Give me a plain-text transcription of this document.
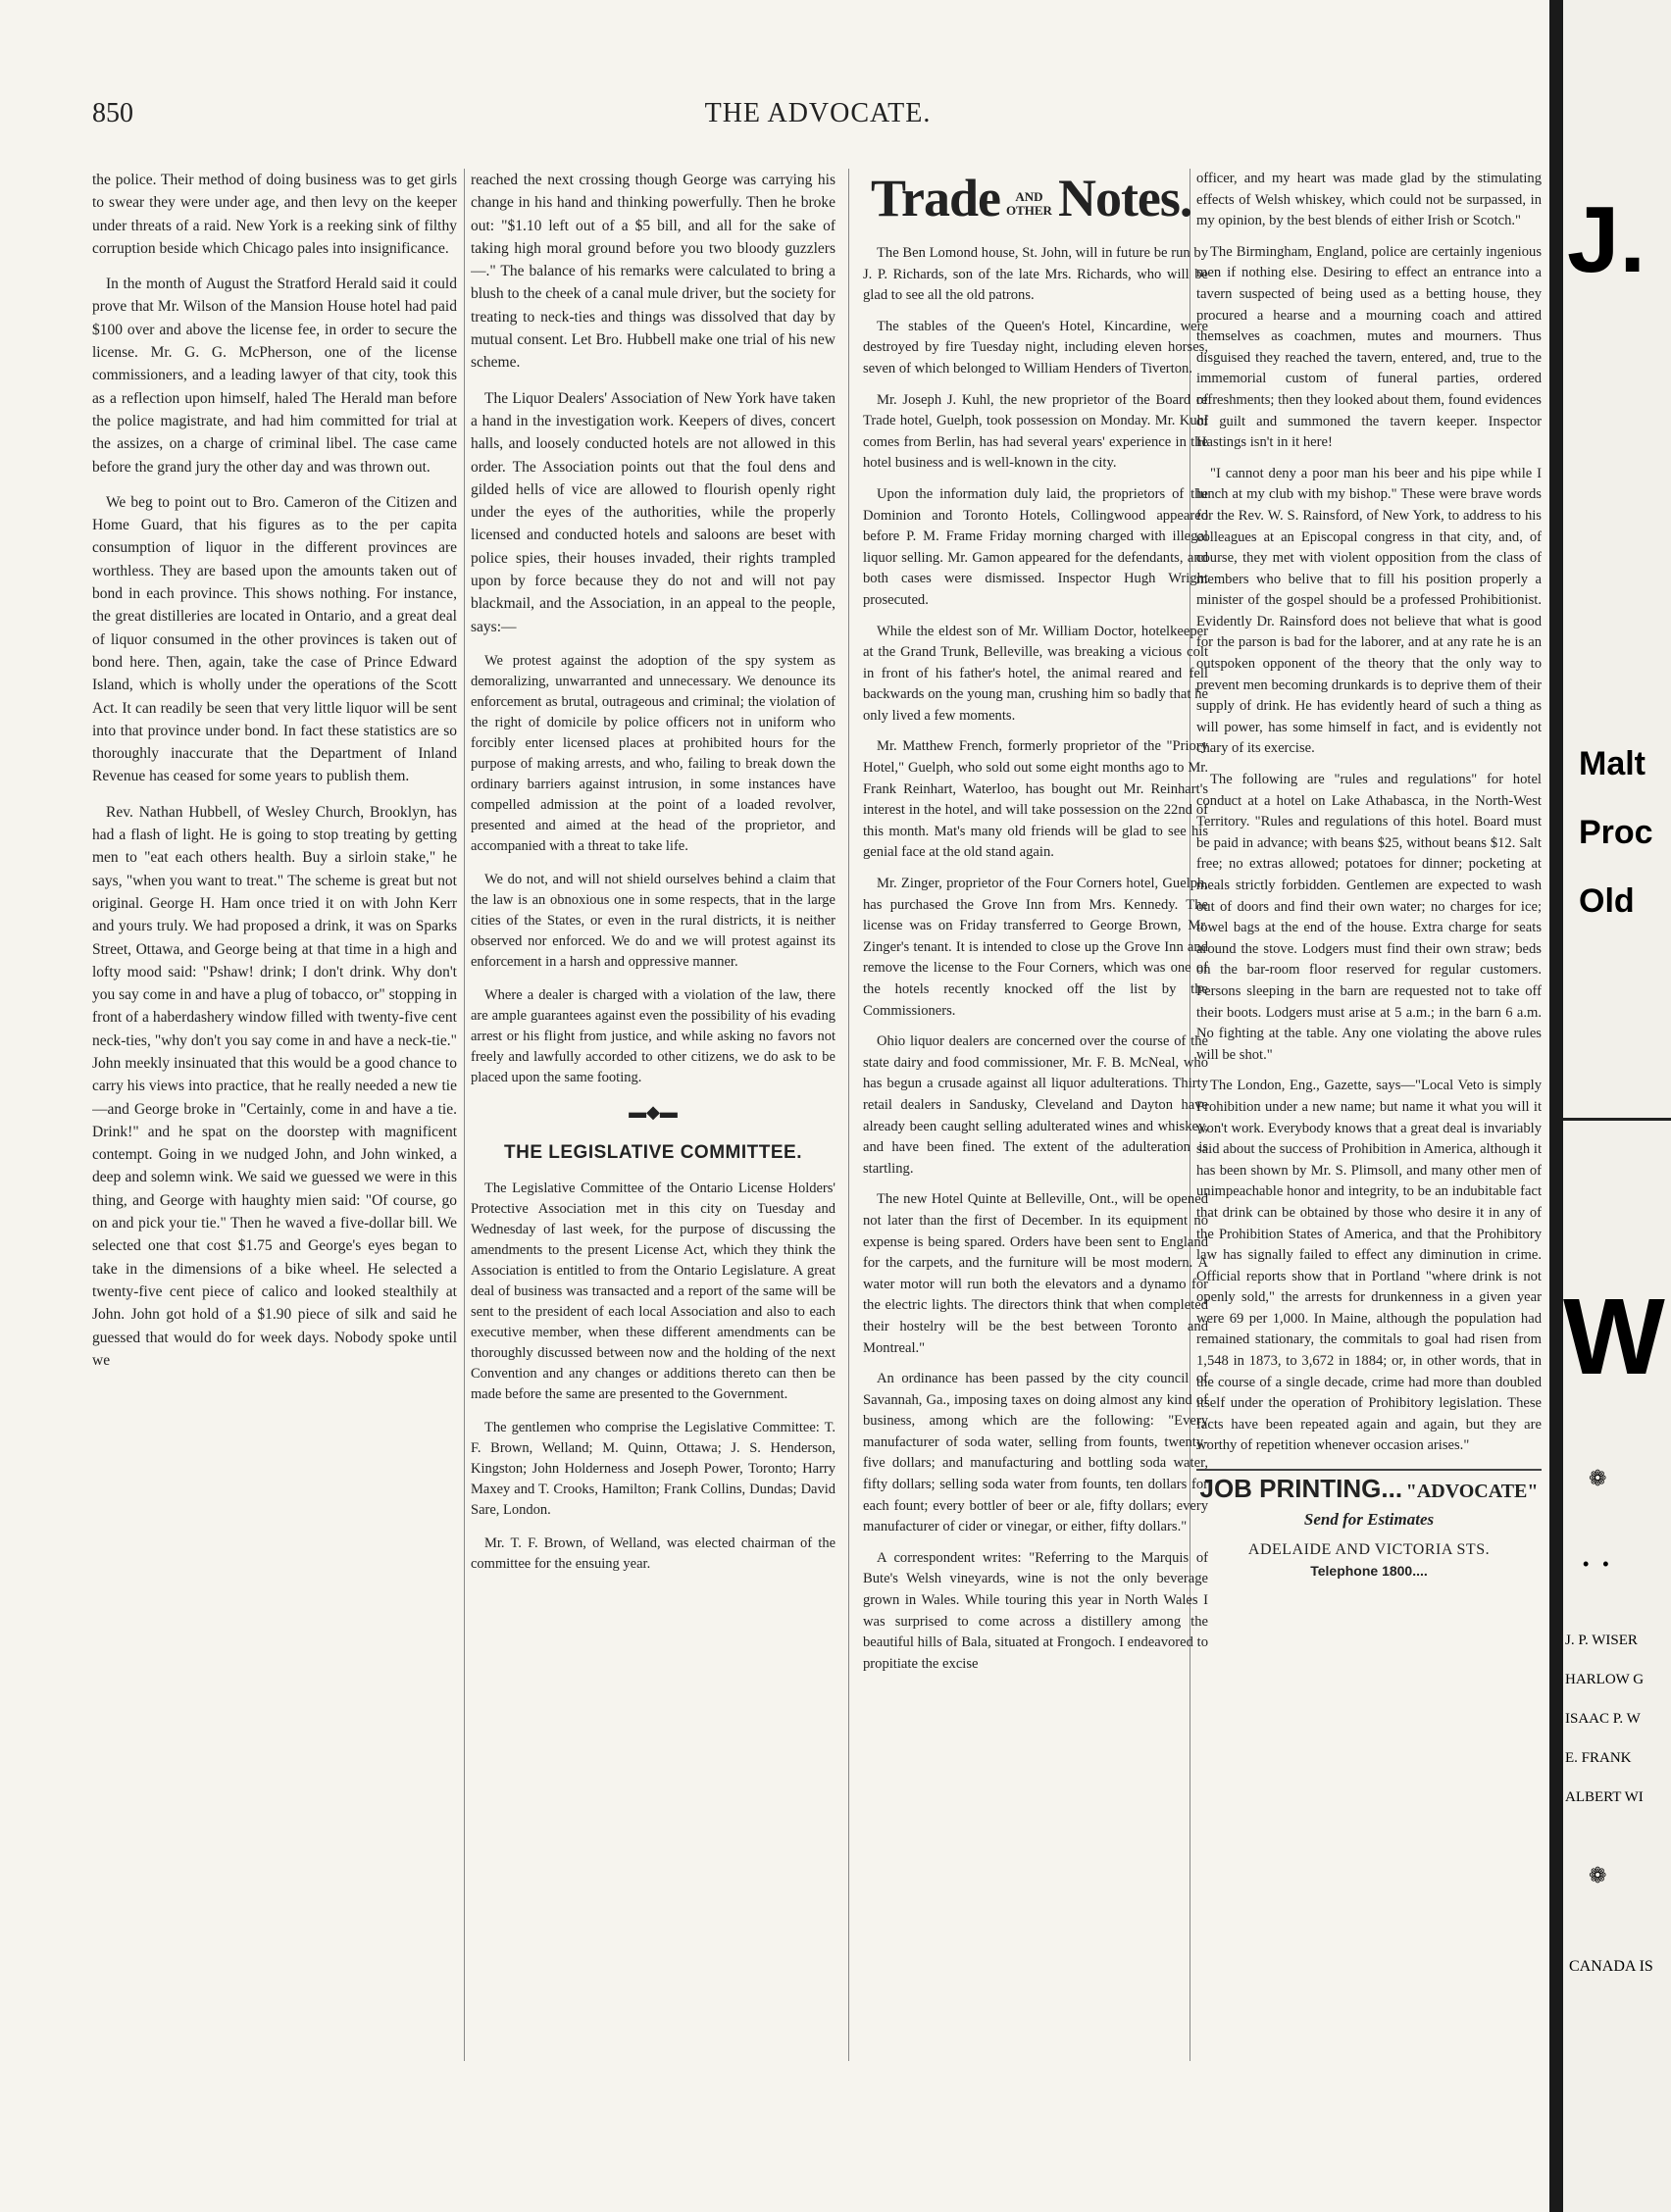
850	THE ADVOCATE.

the police. Their method of doing business was to get girls to swear they were under age, and then levy on the keeper under threats of a raid. New York is a reeking sink of filthy corruption beside which Chicago pales into insignificance.

In the month of August the Stratford Herald said it could prove that Mr. Wilson of the Mansion House hotel had paid $100 over and above the license fee, in order to secure the license. Mr. G. G. McPherson, one of the license commissioners, and a leading lawyer of that city, took this as a reflection upon himself, haled The Herald man before the police magistrate, and had him committed for trial at the assizes, on a charge of criminal libel. The case came before the grand jury the other day and was thrown out.

We beg to point out to Bro. Cameron of the Citizen and Home Guard, that his figures as to the per capita consumption of liquor in the different provinces are worthless. They are based upon the amounts taken out of bond in each province. This shows nothing. For instance, the great distilleries are located in Ontario, and a great deal of liquor consumed in the other provinces is taken out of bond here. Then, again, take the case of Prince Edward Island, which is wholly under the operations of the Scott Act. It can readily be seen that very little liquor will be sent into that province under bond. In fact these statistics are so thoroughly inaccurate that the Department of Inland Revenue has ceased for some years to publish them.

Rev. Nathan Hubbell, of Wesley Church, Brooklyn, has had a flash of light. He is going to stop treating by getting men to "eat each others health. Buy a sirloin stake," he says, "when you want to treat." The scheme is great but not original. George H. Ham once tried it on with John Kerr and yours truly. We had proposed a drink, it was on Sparks Street, Ottawa, and George being at that time in a high and lofty mood said: "Pshaw! drink; I don't drink. Why don't you say come in and have a plug of tobacco, or" stopping in front of a haberdashery window filled with twenty-five cent neck-ties, "why don't you say come in and have a neck-tie." John meekly insinuated that this would be a good chance to carry his views into practice, that he really needed a new tie—and George broke in "Certainly, come in and have a tie. Drink!" and he spat on the doorstep with magnificent contempt. Going in we nudged John, and John winked, a deep and solemn wink. We said we guessed we were in this thing, and George with haughty mien said: "Of course, go on and pick your tie." Then he waved a five-dollar bill. We selected one that cost $1.75 and George's eyes began to take in the dimensions of a bike wheel. He selected a twenty-five cent piece of calico and looked stealthily at John. John got hold of a $1.90 piece of silk and said he guessed that would do for week days. Nobody spoke until we

reached the next crossing though George was carrying his change in his hand and thinking powerfully. Then he broke out: "$1.10 left out of a $5 bill, and all for the sake of taking high moral ground before you two bloody guzzlers —." The balance of his remarks were calculated to bring a blush to the cheek of a canal mule driver, but the society for treating to neck-ties and things was dissolved that day by mutual consent. Let Bro. Hubbell make one trial of his new scheme.

The Liquor Dealers' Association of New York have taken a hand in the investigation work. Keepers of dives, concert halls, and loosely conducted hotels are not allowed in this order. The Association points out that the foul dens and gilded hells of vice are allowed to flourish openly right under the eyes of the authorities, while the properly licensed and conducted hotels and saloons are beset with police spies, their houses invaded, their rights trampled upon by force because they do not and will not pay blackmail, and the Association, in an appeal to the people, says:—

We protest against the adoption of the spy system as demoralizing, unwarranted and unnecessary. We denounce its enforcement as brutal, outrageous and criminal; the violation of the right of domicile by police officers not in uniform who forcibly enter licensed places at prohibited hours for the purpose of making arrests, and who, failing to break down the ordinary barriers against intrusion, in some instances have compelled admission at the point of a loaded revolver, presented and aimed at the head of the proprietor, and accompanied with a threat to take life.

We do not, and will not shield ourselves behind a claim that the law is an obnoxious one in some respects, that in the large cities of the States, or even in the rural districts, it is neither observed nor enforced. We do and we will protest against its enforcement in a harsh and oppressive manner.

Where a dealer is charged with a violation of the law, there are ample guarantees against even the possibility of his evading arrest or his flight from justice, and while asking no favors not freely and lawfully accorded to other citizens, we do ask to be placed upon the same footing.

▬◆▬
THE LEGISLATIVE COMMITTEE.

The Legislative Committee of the Ontario License Holders' Protective Association met in this city on Tuesday and Wednesday of last week, for the purpose of discussing the amendments to the present License Act, which they think the Association is entitled to from the Ontario Legislature. A great deal of business was transacted and a report of the same will be sent to the president of each local Association and also to each executive member, when these different amendments can be thoroughly discussed between now and the holding of the next Convention and any changes or additions thereto can then be made before the same are presented to the Government.

The gentlemen who comprise the Legislative Committee: T. F. Brown, Welland; M. Quinn, Ottawa; J. S. Henderson, Kingston; John Holderness and Joseph Power, Toronto; Harry Maxey and T. Crooks, Hamilton; Frank Collins, Dundas; David Sare, London.

Mr. T. F. Brown, of Welland, was elected chairman of the committee for the ensuing year.

Trade AND
OTHER Notes.

The Ben Lomond house, St. John, will in future be run by J. P. Richards, son of the late Mrs. Richards, who will be glad to see all the old patrons.

The stables of the Queen's Hotel, Kincardine, were destroyed by fire Tuesday night, including eleven horses, seven of which belonged to William Henders of Tiverton.

Mr. Joseph J. Kuhl, the new proprietor of the Board of Trade hotel, Guelph, took possession on Monday. Mr. Kuhl comes from Berlin, has had several years' experience in the hotel business and is well-known in the city.

Upon the information duly laid, the proprietors of the Dominion and Toronto Hotels, Collingwood appeared before P. M. Frame Friday morning charged with illegal liquor selling. Mr. Gamon appeared for the defendants, and both cases were dismissed. Inspector Hugh Wright prosecuted.

While the eldest son of Mr. William Doctor, hotelkeeper at the Grand Trunk, Belleville, was breaking a vicious colt in front of his father's hotel, the animal reared and fell backwards on the young man, crushing him so badly that he only lived a few moments.

Mr. Matthew French, formerly proprietor of the "Priory Hotel," Guelph, who sold out some eight months ago to Mr. Frank Reinhart, Waterloo, has bought out Mr. Reinhart's interest in the hotel, and will take possession on the 22nd of this month. Mat's many old friends will be glad to see his genial face at the old stand again.

Mr. Zinger, proprietor of the Four Corners hotel, Guelph, has purchased the Grove Inn from Mrs. Kennedy. The license was on Friday transferred to George Brown, Mr. Zinger's tenant. It is intended to close up the Grove Inn and remove the license to the Four Corners, which was one of the hotels recently knocked off the list by the Commissioners.

Ohio liquor dealers are concerned over the course of the state dairy and food commissioner, Mr. F. B. McNeal, who has begun a crusade against all liquor adulterations. Thirty retail dealers in Sandusky, Cleveland and Dayton have already been caught selling adulterated wines and whiskey, and have been fined. The extent of the adulteration is startling.

The new Hotel Quinte at Belleville, Ont., will be opened not later than the first of December. In its equipment no expense is being spared. Orders have been sent to England for the carpets, and the furniture will be most modern. A water motor will run both the elevators and a dynamo for the electric lights. The directors think that when completed their hostelry will be the best between Toronto and Montreal."

An ordinance has been passed by the city council of Savannah, Ga., imposing taxes on doing almost any kind of business, among which are the following: "Every manufacturer of soda water, selling from founts, twenty-five dollars; and manufacturing and bottling soda water, fifty dollars; selling soda water from founts, ten dollars for each fount; every bottler of beer or ale, fifty dollars; every manufacturer of cider or vinegar, or either, fifty dollars."

A correspondent writes: "Referring to the Marquis of Bute's Welsh vineyards, wine is not the only beverage grown in Wales. While touring this year in North Wales I was surprised to come across a distillery among the beautiful hills of Bala, situated at Frongoch. I endeavored to propitiate the excise

officer, and my heart was made glad by the stimulating effects of Welsh whiskey, which could not be surpassed, in my opinion, by the best blends of either Irish or Scotch."

The Birmingham, England, police are certainly ingenious men if nothing else. Desiring to effect an entrance into a tavern suspected of being used as a betting house, they procured a hearse and a mourning coach and attired themselves as coachmen, mutes and mourners. Thus disguised they reached the tavern, entered, and, true to the immemorial custom of funeral parties, ordered refreshments; then they looked about them, found evidences of guilt and summoned the tavern keeper. Inspector Hastings isn't in it here!

"I cannot deny a poor man his beer and his pipe while I lunch at my club with my bishop." These were brave words for the Rev. W. S. Rainsford, of New York, to address to his colleagues at an Episcopal congress in that city, and, of course, they met with violent opposition from the class of members who belive that to fill his position properly a minister of the gospel should be a professed Prohibitionist. Evidently Dr. Rainsford does not believe that what is good for the parson is bad for the laborer, and at any rate he is an outspoken opponent of the theory that the only way to prevent men becoming drunkards is to deprive them of their supply of drink. He has evidently heard of such a thing as will power, has some himself in fact, and is evidently not chary of its exercise.

The following are "rules and regulations" for hotel conduct at a hotel on Lake Athabasca, in the North-West Territory. "Rules and regulations of this hotel. Board must be paid in advance; with beans $25, without beans $12. Salt free; no extras allowed; potatoes for dinner; pocketing at meals strictly forbidden. Gentlemen are expected to wash out of doors and find their own water; no charges for ice; towel bags at the end of the house. Extra charge for seats around the stove. Lodgers must find their own straw; beds on the bar-room floor reserved for regular customers. Persons sleeping in the barn are requested not to take off their boots. Lodgers must arise at 5 a.m.; in the barn 6 a.m. No fighting at the table. Any one violating the above rules will be shot."

The London, Eng., Gazette, says—"Local Veto is simply Prohibition under a new name; but name it what you will it won't work. Everybody knows that a great deal is invariably said about the success of Prohibition in America, although it has been shown by Mr. S. Plimsoll, and many other men of unimpeachable honor and integrity, to be an indubitable fact that drink can be obtained by those who desire it in any of the Prohibition States of America, and that the Prohibitory law has signally failed to effect any diminution in crime. Official reports show that in Portland "where drink is not openly sold," the arrests for drunkenness in a given year were 69 per 1,000. In Maine, although the population had remained stationary, the commitals to goal had risen from 1,548 in 1873, to 3,672 in 1884; or, in other words, that in the course of a single decade, crime had more than doubled itself under the operation of Prohibitory legislation. These facts have been repeated again and again, but they are worthy of repetition whenever occasion arises."

JOB PRINTING... "ADVOCATE"
Send for Estimates
ADELAIDE AND VICTORIA STS.
Telephone 1800....
J.
Malt
Proc
Old
W
❁
••
J. P. WISER
HARLOW G
ISAAC P. W
E. FRANK
ALBERT WI
❁
CANADA IS
